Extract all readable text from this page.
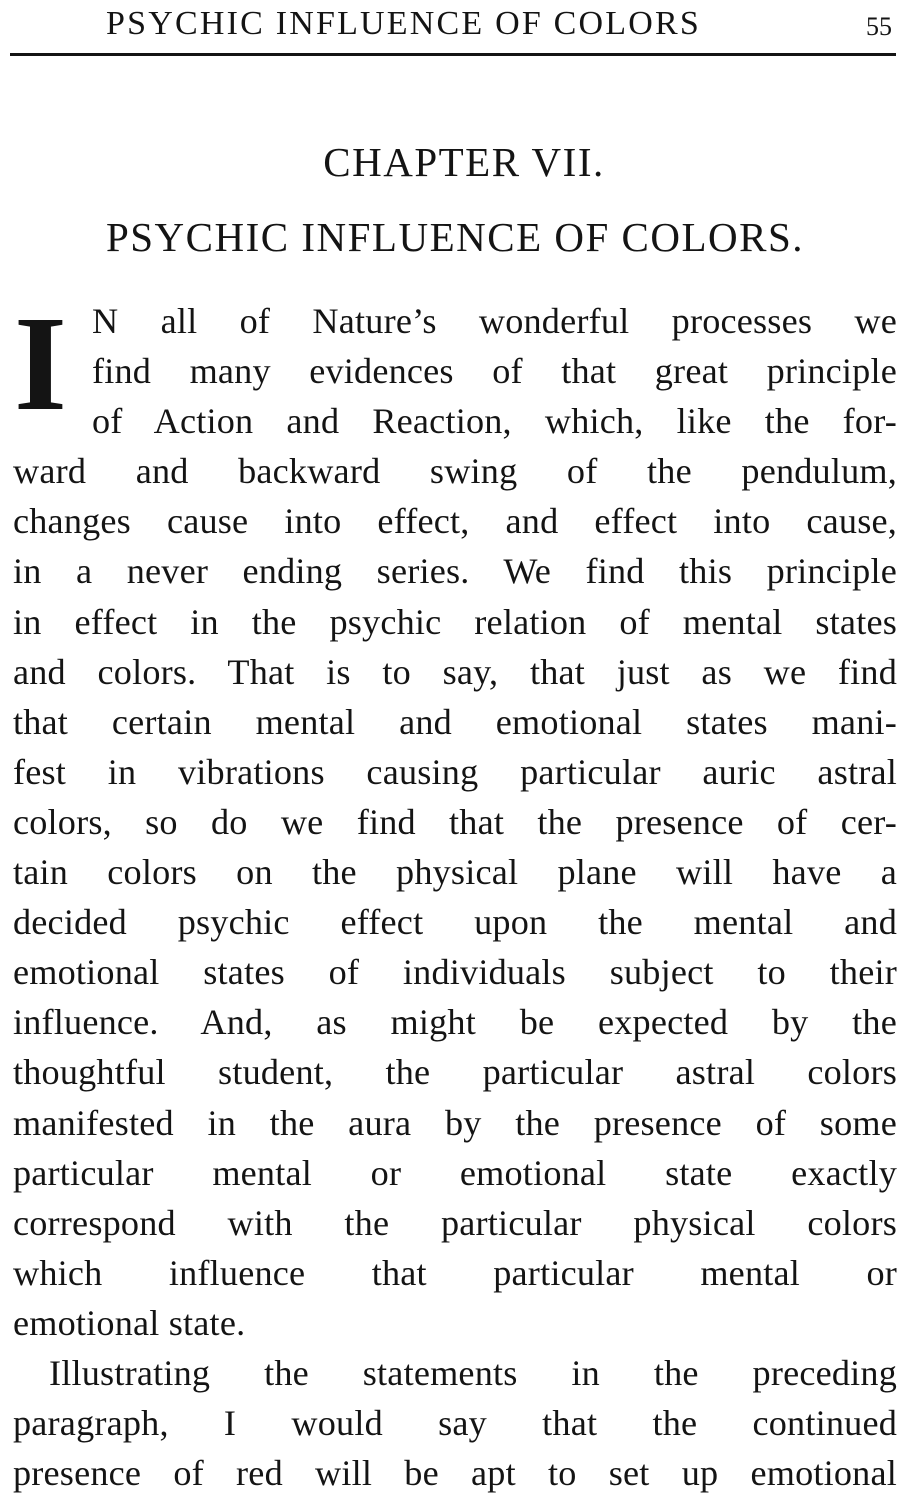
PSYCHIC INFLUENCE OF COLORS	55
CHAPTER VII.
PSYCHIC INFLUENCE OF COLORS.
I N all of Nature’s wonderful processes we
find many evidences of that great principle
of Action and Reaction, which, like the for-
ward and backward swing of the pendulum,
changes cause into effect, and effect into cause,
in a never ending series. We find this principle
in effect in the psychic relation of mental states
and colors. That is to say, that just as we find
that certain mental and emotional states mani-
fest in vibrations causing particular auric astral
colors, so do we find that the presence of cer-
tain colors on the physical plane will have a
decided psychic effect upon the mental and
emotional states of individuals subject to their
influence. And, as might be expected by the
thoughtful student, the particular astral colors
manifested in the aura by the presence of some
particular mental or emotional state exactly
correspond with the particular physical colors
which influence that particular mental or
emotional state.
Illustrating the statements in the preceding
paragraph, I would say that the continued
presence of red will be apt to set up emotional
